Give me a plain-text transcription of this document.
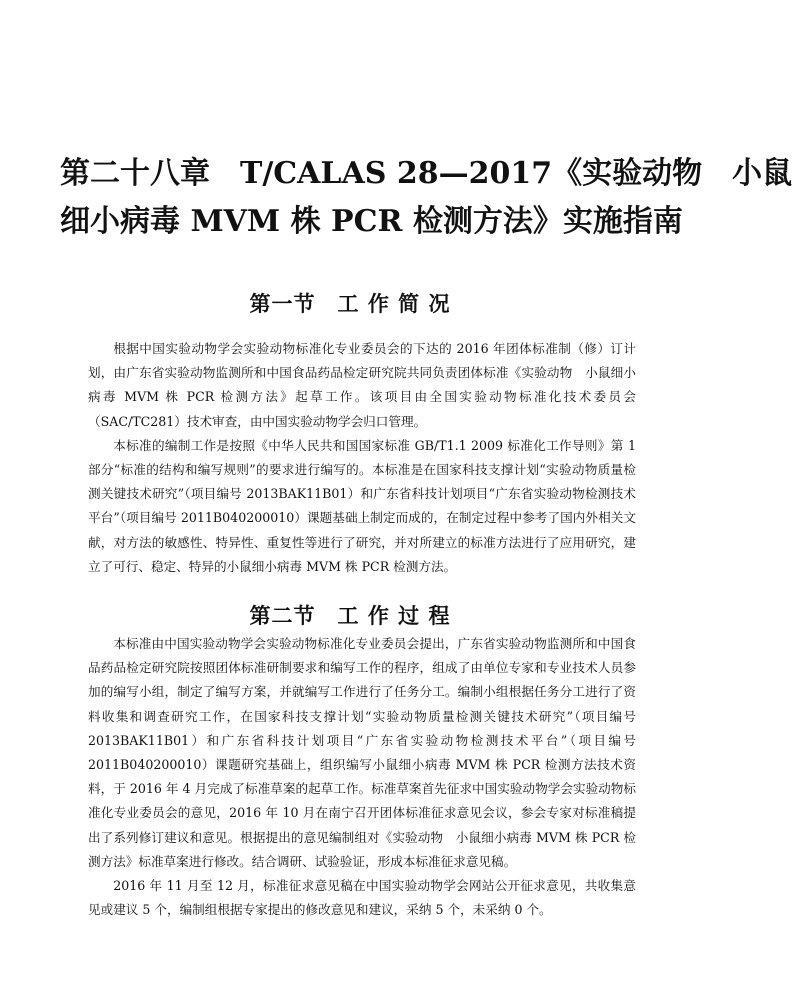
第二十八章　T/CALAS 28—2017《实验动物　小鼠
细小病毒 MVM 株 PCR 检测方法》实施指南
第一节　工 作 简 况

根据中国实验动物学会实验动物标准化专业委员会的下达的 2016 年团体标准制（修）订计划，由广东省实验动物监测所和中国食品药品检定研究院共同负责团体标准《实验动物　小鼠细小病毒 MVM 株 PCR 检测方法》起草工作。该项目由全国实验动物标准化技术委员会（SAC/TC281）技术审查，由中国实验动物学会归口管理。

本标准的编制工作是按照《中华人民共和国国家标准 GB/T1.1 2009 标准化工作导则》第 1 部分“标准的结构和编写规则”的要求进行编写的。本标准是在国家科技支撑计划“实验动物质量检测关键技术研究”（项目编号 2013BAK11B01）和广东省科技计划项目“广东省实验动物检测技术平台”（项目编号 2011B040200010）课题基础上制定而成的，在制定过程中参考了国内外相关文献，对方法的敏感性、特异性、重复性等进行了研究，并对所建立的标准方法进行了应用研究，建立了可行、稳定、特异的小鼠细小病毒 MVM 株 PCR 检测方法。

第二节　工 作 过 程

本标准由中国实验动物学会实验动物标准化专业委员会提出，广东省实验动物监测所和中国食品药品检定研究院按照团体标准研制要求和编写工作的程序，组成了由单位专家和专业技术人员参加的编写小组，制定了编写方案，并就编写工作进行了任务分工。编制小组根据任务分工进行了资料收集和调查研究工作，在国家科技支撑计划“实验动物质量检测关键技术研究”（项目编号 2013BAK11B01）和广东省科技计划项目“广东省实验动物检测技术平台”（项目编号 2011B040200010）课题研究基础上，组织编写小鼠细小病毒 MVM 株 PCR 检测方法技术资料，于 2016 年 4 月完成了标准草案的起草工作。标准草案首先征求中国实验动物学会实验动物标准化专业委员会的意见，2016 年 10 月在南宁召开团体标准征求意见会议，参会专家对标准稿提出了系列修订建议和意见。根据提出的意见编制组对《实验动物　小鼠细小病毒 MVM 株 PCR 检测方法》标准草案进行修改。结合调研、试验验证，形成本标准征求意见稿。

2016 年 11 月至 12 月，标准征求意见稿在中国实验动物学会网站公开征求意见，共收集意见或建议 5 个，编制组根据专家提出的修改意见和建议，采纳 5 个，未采纳 0 个。
